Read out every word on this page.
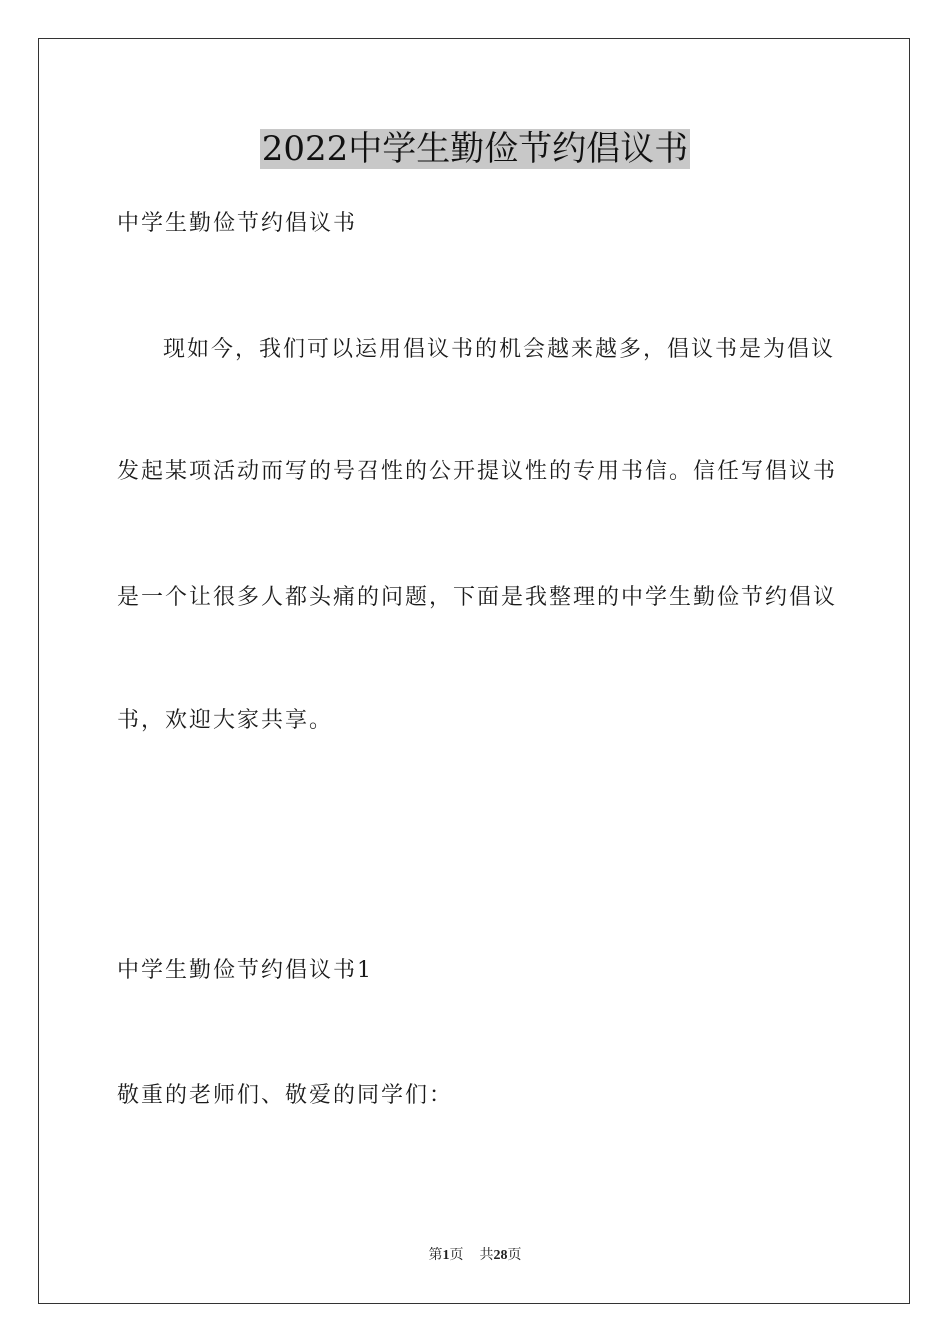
2022中学生勤俭节约倡议书
中学生勤俭节约倡议书
现如今，我们可以运用倡议书的机会越来越多，倡议书是为倡议
发起某项活动而写的号召性的公开提议性的专用书信。信任写倡议书
是一个让很多人都头痛的问题，下面是我整理的中学生勤俭节约倡议
书，欢迎大家共享。
中学生勤俭节约倡议书1
敬重的老师们、敬爱的同学们：
第1页 共28页
